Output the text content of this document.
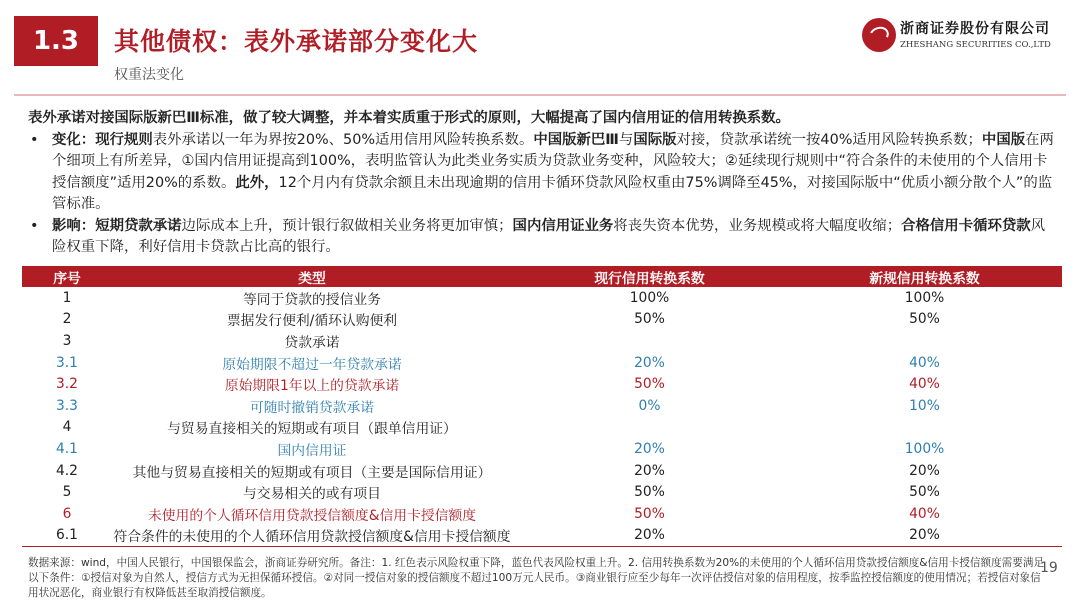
1.3	其他债权：表外承诺部分变化大
权重法变化
浙商证券股份有限公司
ZHESHANG SECURITIES CO.,LTD
表外承诺对接国际版新巴Ⅲ标准，做了较大调整，并本着实质重于形式的原则，大幅提高了国内信用证的信用转换系数。
• 变化：现行规则表外承诺以一年为界按20%、50%适用信用风险转换系数。中国版新巴Ⅲ与国际版对接，贷款承诺统一按40%适用风险转换系数；中国版在两个细项上有所差异，①国内信用证提高到100%，表明监管认为此类业务实质为贷款业务变种，风险较大；②延续现行规则中“符合条件的未使用的个人信用卡授信额度”适用20%的系数。此外，12个月内有贷款余额且未出现逾期的信用卡循环贷款风险权重由75%调降至45%，对接国际版中“优质小额分散个人”的监管标准。
• 影响：短期贷款承诺边际成本上升，预计银行叙做相关业务将更加审慎；国内信用证业务将丧失资本优势，业务规模或将大幅度收缩；合格信用卡循环贷款风险权重下降，利好信用卡贷款占比高的银行。
序号	类型	现行信用转换系数	新规信用转换系数
1	等同于贷款的授信业务	100%	100%
2	票据发行便利/循环认购便利	50%	50%
3	贷款承诺		
3.1	原始期限不超过一年贷款承诺	20%	40%
3.2	原始期限1年以上的贷款承诺	50%	40%
3.3	可随时撤销贷款承诺	0%	10%
4	与贸易直接相关的短期或有项目（跟单信用证）		
4.1	国内信用证	20%	100%
4.2	其他与贸易直接相关的短期或有项目（主要是国际信用证）	20%	20%
5	与交易相关的或有项目	50%	50%
6	未使用的个人循环信用贷款授信额度&信用卡授信额度	50%	40%
6.1	符合条件的未使用的个人循环信用贷款授信额度&信用卡授信额度	20%	20%
数据来源：wind，中国人民银行，中国银保监会，浙商证券研究所。备注：1. 红色表示风险权重下降，蓝色代表风险权重上升。2. 信用转换系数为20%的未使用的个人循环信用贷款授信额度&信用卡授信额度需要满足以下条件：①授信对象为自然人，授信方式为无担保循环授信。②对同一授信对象的授信额度不超过100万元人民币。③商业银行应至少每年一次评估授信对象的信用程度，按季监控授信额度的使用情况；若授信对象信用状况恶化，商业银行有权降低甚至取消授信额度。
19
